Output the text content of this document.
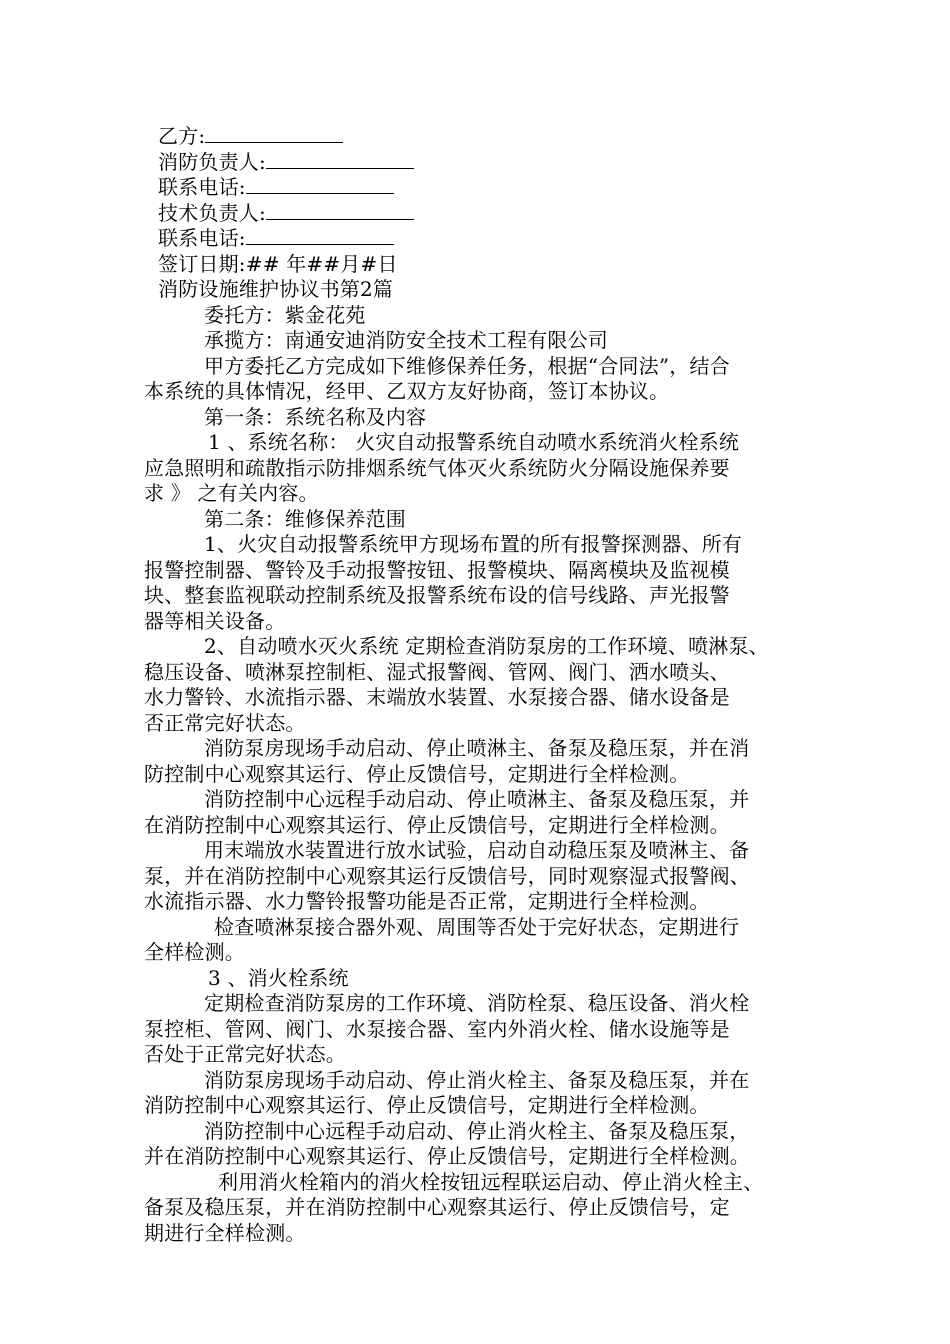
乙方:
消防负责人:
联系电话:
技术负责人:
联系电话:
签订日期:## 年##月#日
消防设施维护协议书第2篇
委托方：紫金花苑
承揽方：南通安迪消防安全技术工程有限公司
甲方委托乙方完成如下维修保养任务，根据“合同法”，结合
本系统的具体情况，经甲、乙双方友好协商，签订本协议。
第一条：系统名称及内容
1 、系统名称： 火灾自动报警系统自动喷水系统消火栓系统
应急照明和疏散指示防排烟系统气体灭火系统防火分隔设施保养要
求 》 之有关内容。
第二条：维修保养范围
1、火灾自动报警系统甲方现场布置的所有报警探测器、所有
报警控制器、警铃及手动报警按钮、报警模块、隔离模块及监视模
块、整套监视联动控制系统及报警系统布设的信号线路、声光报警
器等相关设备。
2、自动喷水灭火系统 定期检查消防泵房的工作环境、喷淋泵、
稳压设备、喷淋泵控制柜、湿式报警阀、管网、阀门、洒水喷头、
水力警铃、水流指示器、末端放水装置、水泵接合器、储水设备是
否正常完好状态。
消防泵房现场手动启动、停止喷淋主、备泵及稳压泵，并在消
防控制中心观察其运行、停止反馈信号，定期进行全样检测。
消防控制中心远程手动启动、停止喷淋主、备泵及稳压泵，并
在消防控制中心观察其运行、停止反馈信号，定期进行全样检测。
用末端放水装置进行放水试验，启动自动稳压泵及喷淋主、备
泵，并在消防控制中心观察其运行反馈信号，同时观察湿式报警阀、
水流指示器、水力警铃报警功能是否正常，定期进行全样检测。
检查喷淋泵接合器外观、周围等否处于完好状态，定期进行
全样检测。
3 、消火栓系统
定期检查消防泵房的工作环境、消防栓泵、稳压设备、消火栓
泵控柜、管网、阀门、水泵接合器、室内外消火栓、储水设施等是
否处于正常完好状态。
消防泵房现场手动启动、停止消火栓主、备泵及稳压泵，并在
消防控制中心观察其运行、停止反馈信号，定期进行全样检测。
消防控制中心远程手动启动、停止消火栓主、备泵及稳压泵，
并在消防控制中心观察其运行、停止反馈信号，定期进行全样检测。
利用消火栓箱内的消火栓按钮远程联运启动、停止消火栓主、
备泵及稳压泵，并在消防控制中心观察其运行、停止反馈信号，定
期进行全样检测。
